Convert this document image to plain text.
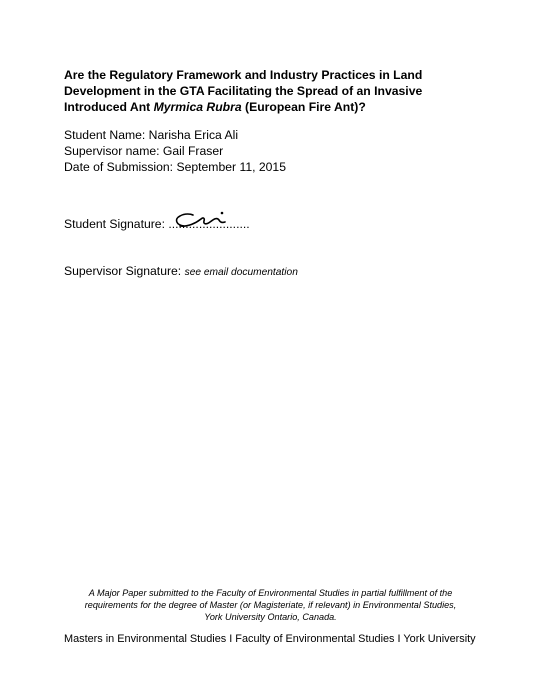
Are the Regulatory Framework and Industry Practices in Land
Development in the GTA Facilitating the Spread of an Invasive
Introduced Ant Myrmica Rubra (European Fire Ant)?
Student Name: Narisha Erica Ali
Supervisor name: Gail Fraser
Date of Submission: September 11, 2015
Student Signature: ........................
Supervisor Signature: see email documentation
A Major Paper submitted to the Faculty of Environmental Studies in partial fulfillment of the
requirements for the degree of Master (or Magisteriate, if relevant) in Environmental Studies,
York University Ontario, Canada.
Masters in Environmental Studies I Faculty of Environmental Studies I York University
